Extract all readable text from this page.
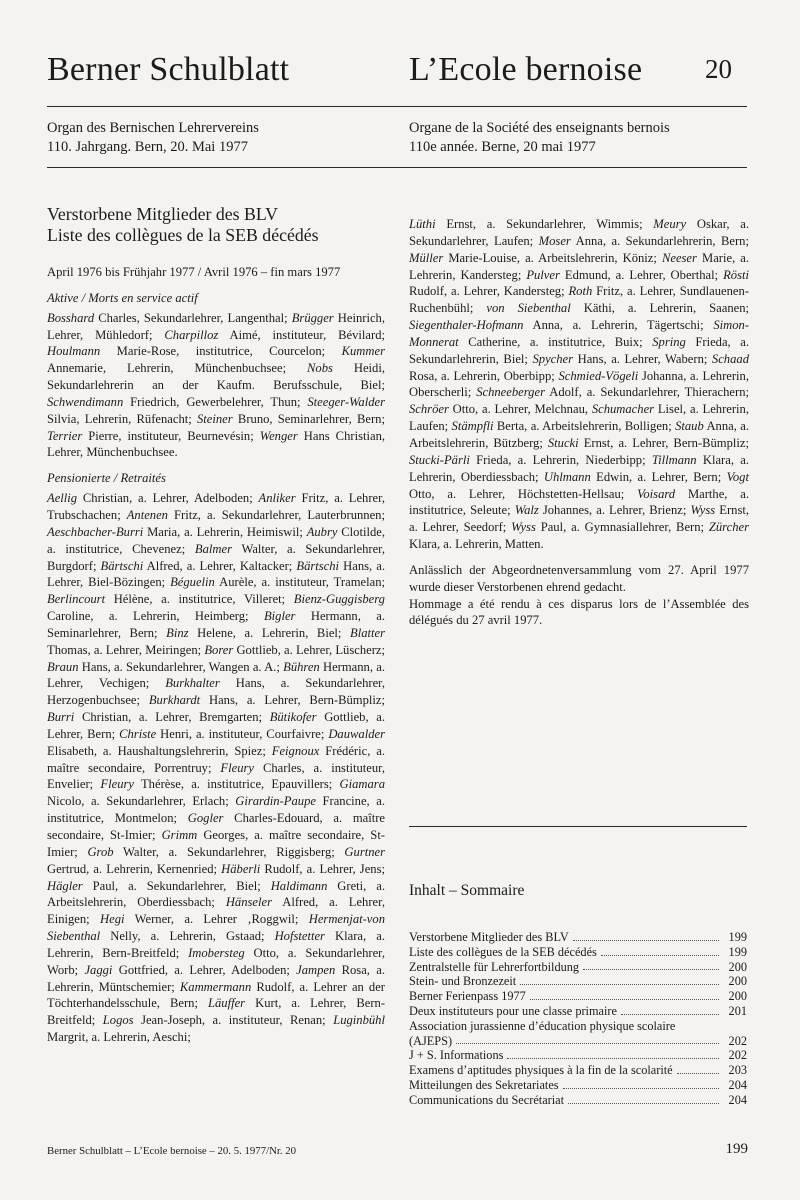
Berner Schulblatt	L’Ecole bernoise 20
Organ des Bernischen Lehrervereins
110. Jahrgang. Bern, 20. Mai 1977
Organe de la Société des enseignants bernois
110e année. Berne, 20 mai 1977
Verstorbene Mitglieder des BLV
Liste des collègues de la SEB décédés
April 1976 bis Frühjahr 1977 / Avril 1976 – fin mars 1977
Aktive / Morts en service actif

Bosshard Charles, Sekundarlehrer, Langenthal; Brügger Heinrich, Lehrer, Mühledorf; Charpilloz Aimé, instituteur, Bévilard; Houlmann Marie-Rose, institutrice, Courcelon; Kummer Annemarie, Lehrerin, Münchenbuchsee; Nobs Heidi, Sekundarlehrerin an der Kaufm. Berufsschule, Biel; Schwendimann Friedrich, Gewerbelehrer, Thun; Steeger-Walder Silvia, Lehrerin, Rüfenacht; Steiner Bruno, Seminarlehrer, Bern; Terrier Pierre, instituteur, Beurnevésin; Wenger Hans Christian, Lehrer, Münchenbuchsee.

Pensionierte / Retraités

Aellig Christian, a. Lehrer, Adelboden; Anliker Fritz, a. Lehrer, Trubschachen; Antenen Fritz, a. Sekundarlehrer, Lauterbrunnen; Aeschbacher-Burri Maria, a. Lehrerin, Heimiswil; Aubry Clotilde, a. institutrice, Chevenez; Balmer Walter, a. Sekundarlehrer, Burgdorf; Bärtschi Alfred, a. Lehrer, Kaltacker; Bärtschi Hans, a. Lehrer, Biel-Bözingen; Béguelin Aurèle, a. instituteur, Tramelan; Berlincourt Hélène, a. institutrice, Villeret; Bienz-Guggisberg Caroline, a. Lehrerin, Heimberg; Bigler Hermann, a. Seminarlehrer, Bern; Binz Helene, a. Lehrerin, Biel; Blatter Thomas, a. Lehrer, Meiringen; Borer Gottlieb, a. Lehrer, Lüscherz; Braun Hans, a. Sekundarlehrer, Wangen a. A.; Bühren Hermann, a. Lehrer, Vechigen; Burkhalter Hans, a. Sekundarlehrer, Herzogenbuchsee; Burkhardt Hans, a. Lehrer, Bern-Bümpliz; Burri Christian, a. Lehrer, Bremgarten; Bütikofer Gottlieb, a. Lehrer, Bern; Christe Henri, a. instituteur, Courfaivre; Dauwalder Elisabeth, a. Haushaltungslehrerin, Spiez; Feignoux Frédéric, a. maître secondaire, Porrentruy; Fleury Charles, a. instituteur, Envelier; Fleury Thérèse, a. institutrice, Epauvillers; Giamara Nicolo, a. Sekundarlehrer, Erlach; Girardin-Paupe Francine, a. institutrice, Montmelon; Gogler Charles-Edouard, a. maître secondaire, St-Imier; Grimm Georges, a. maître secondaire, St-Imier; Grob Walter, a. Sekundarlehrer, Riggisberg; Gurtner Gertrud, a. Lehrerin, Kernenried; Häberli Rudolf, a. Lehrer, Jens; Hägler Paul, a. Sekundarlehrer, Biel; Haldimann Greti, a. Arbeitslehrerin, Oberdiessbach; Hänseler Alfred, a. Lehrer, Einigen; Hegi Werner, a. Lehrer ‚Roggwil; Hermenjat-von Siebenthal Nelly, a. Lehrerin, Gstaad; Hofstetter Klara, a. Lehrerin, Bern-Breitfeld; Imobersteg Otto, a. Sekundarlehrer, Worb; Jaggi Gottfried, a. Lehrer, Adelboden; Jampen Rosa, a. Lehrerin, Müntschemier; Kammermann Rudolf, a. Lehrer an der Töchterhandelsschule, Bern; Läuffer Kurt, a. Lehrer, Bern-Breitfeld; Logos Jean-Joseph, a. instituteur, Renan; Luginbühl Margrit, a. Lehrerin, Aeschi;

Lüthi Ernst, a. Sekundarlehrer, Wimmis; Meury Oskar, a. Sekundarlehrer, Laufen; Moser Anna, a. Sekundarlehrerin, Bern; Müller Marie-Louise, a. Arbeitslehrerin, Köniz; Neeser Marie, a. Lehrerin, Kandersteg; Pulver Edmund, a. Lehrer, Oberthal; Rösti Rudolf, a. Lehrer, Kandersteg; Roth Fritz, a. Lehrer, Sundlauenen-Ruchenbühl; von Siebenthal Käthi, a. Lehrerin, Saanen; Siegenthaler-Hofmann Anna, a. Lehrerin, Tägertschi; Simon-Monnerat Catherine, a. institutrice, Buix; Spring Frieda, a. Sekundarlehrerin, Biel; Spycher Hans, a. Lehrer, Wabern; Schaad Rosa, a. Lehrerin, Oberbipp; Schmied-Vögeli Johanna, a. Lehrerin, Oberscherli; Schneeberger Adolf, a. Sekundarlehrer, Thierachern; Schröer Otto, a. Lehrer, Melchnau, Schumacher Lisel, a. Lehrerin, Laufen; Stämpfli Berta, a. Arbeitslehrerin, Bolligen; Staub Anna, a. Arbeitslehrerin, Bützberg; Stucki Ernst, a. Lehrer, Bern-Bümpliz; Stucki-Pärli Frieda, a. Lehrerin, Niederbipp; Tillmann Klara, a. Lehrerin, Oberdiessbach; Uhlmann Edwin, a. Lehrer, Bern; Vogt Otto, a. Lehrer, Höchstetten-Hellsau; Voisard Marthe, a. institutrice, Seleute; Walz Johannes, a. Lehrer, Brienz; Wyss Ernst, a. Lehrer, Seedorf; Wyss Paul, a. Gymnasiallehrer, Bern; Zürcher Klara, a. Lehrerin, Matten.

Anlässlich der Abgeordnetenversammlung vom 27. April 1977 wurde dieser Verstorbenen ehrend gedacht.

Hommage a été rendu à ces disparus lors de l’Assemblée des délégués du 27 avril 1977.

Inhalt – Sommaire
Verstorbene Mitglieder des BLV	199
Liste des collègues de la SEB décédés	199
Zentralstelle für Lehrerfortbildung	200
Stein- und Bronzezeit	200
Berner Ferienpass 1977	200
Deux instituteurs pour une classe primaire	201
Association jurassienne d’éducation physique scolaire
(AJEPS)	202
J + S. Informations	202
Examens d’aptitudes physiques à la fin de la scolarité	203
Mitteilungen des Sekretariates	204
Communications du Secrétariat	204
Berner Schulblatt – L’Ecole bernoise – 20. 5. 1977/Nr. 20	199
